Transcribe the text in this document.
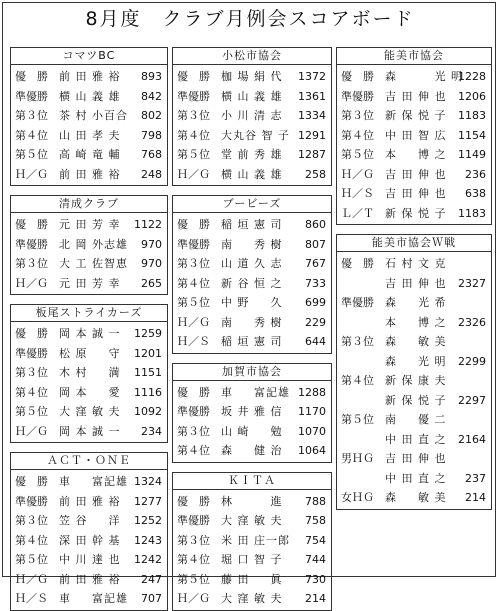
8月度　クラブ月例会スコアボード
コマツBC
優　勝 前 田 雅 裕 893
準優勝 横 山 義 雄 842
第３位 茶 村 小百合 802
第４位 山 田 孝 夫 798
第５位 高 崎 竜 輔 768
Ｈ／Ｇ 前 田 雅 裕 248
清成クラブ
優　勝 元 田 芳 幸 1122
準優勝 北 岡 外志雄 970
第３位 大 工 佐智恵 970
Ｈ／Ｇ 元 田 芳 幸 265
板尾ストライカーズ
優　勝 岡 本 誠 一 1259
準優勝 松 原 　 守 1201
第３位 木 村 　 満 1151
第４位 岡 本 　 愛 1116
第５位 大 窪 敏 夫 1092
Ｈ／Ｇ 岡 本 誠 一 234
ＡＣＴ・ＯＮＥ
優　勝 車 　 富記雄 1324
準優勝 前 田 雅 裕 1277
第３位 笠 谷 　 洋 1252
第４位 深 田 幹 基 1243
第５位 中 川 達 也 1242
Ｈ／Ｇ 前 田 雅 裕 247
Ｈ／Ｓ 車 　 富記雄 707
小松市協会
優　勝 枷 場 絹 代 1372
準優勝 横 山 義 雄 1361
第３位 小 川 清 志 1334
第４位 大丸谷 智 子 1291
第５位 堂 前 秀 雄 1287
Ｈ／Ｇ 横 山 義 雄 258
ブービーズ
優　勝 稲 垣 憲 司 860
準優勝 南 　 秀 樹 807
第３位 山 道 久 志 767
第４位 新 谷 恒 之 733
第５位 中 野 　 久 699
Ｈ／Ｇ 南 　 秀 樹 229
Ｈ／Ｓ 稲 垣 憲 司 644
加賀市協会
優　勝 車 　 富記雄 1288
準優勝 坂 井 雅 信 1170
第３位 山 崎 　 勉 1070
第４位 森 　 健 治 1064
ＫＩＴＡ
優　勝 林 　 　 進 788
準優勝 大 窪 敏 夫 758
第３位 米 田 庄一郎 754
第４位 堀 口 智 子 744
第５位 藤 田 　 眞 730
Ｈ／Ｇ 大 窪 敏 夫 214
能美市協会
優　勝 森 　 　 光 明
1228
準優勝 吉 田 伸 也 1206
第３位 新 保 悦 子 1183
第４位 中 田 智 広 1154
第５位 本 　 博 之 1149
Ｈ／Ｇ 吉 田 伸 也 236
Ｈ／Ｓ 吉 田 伸 也 638
Ｌ／Ｔ 新 保 悦 子 1183
能美市協会Ｗ戦
優　勝 石 村 文 克
吉 田 伸 也 2327
準優勝 森 　 光 希
本 　 博 之 2326
第３位 森 　 敏 美
森 　 光 明 2299
第４位 新 保 康 夫
新 保 悦 子 2297
第５位 南 　 優 二
中 田 直 之 2164
男ＨＧ 吉 田 伸 也
中 田 直 之 237
女ＨＧ 森 　 敏 美 214
